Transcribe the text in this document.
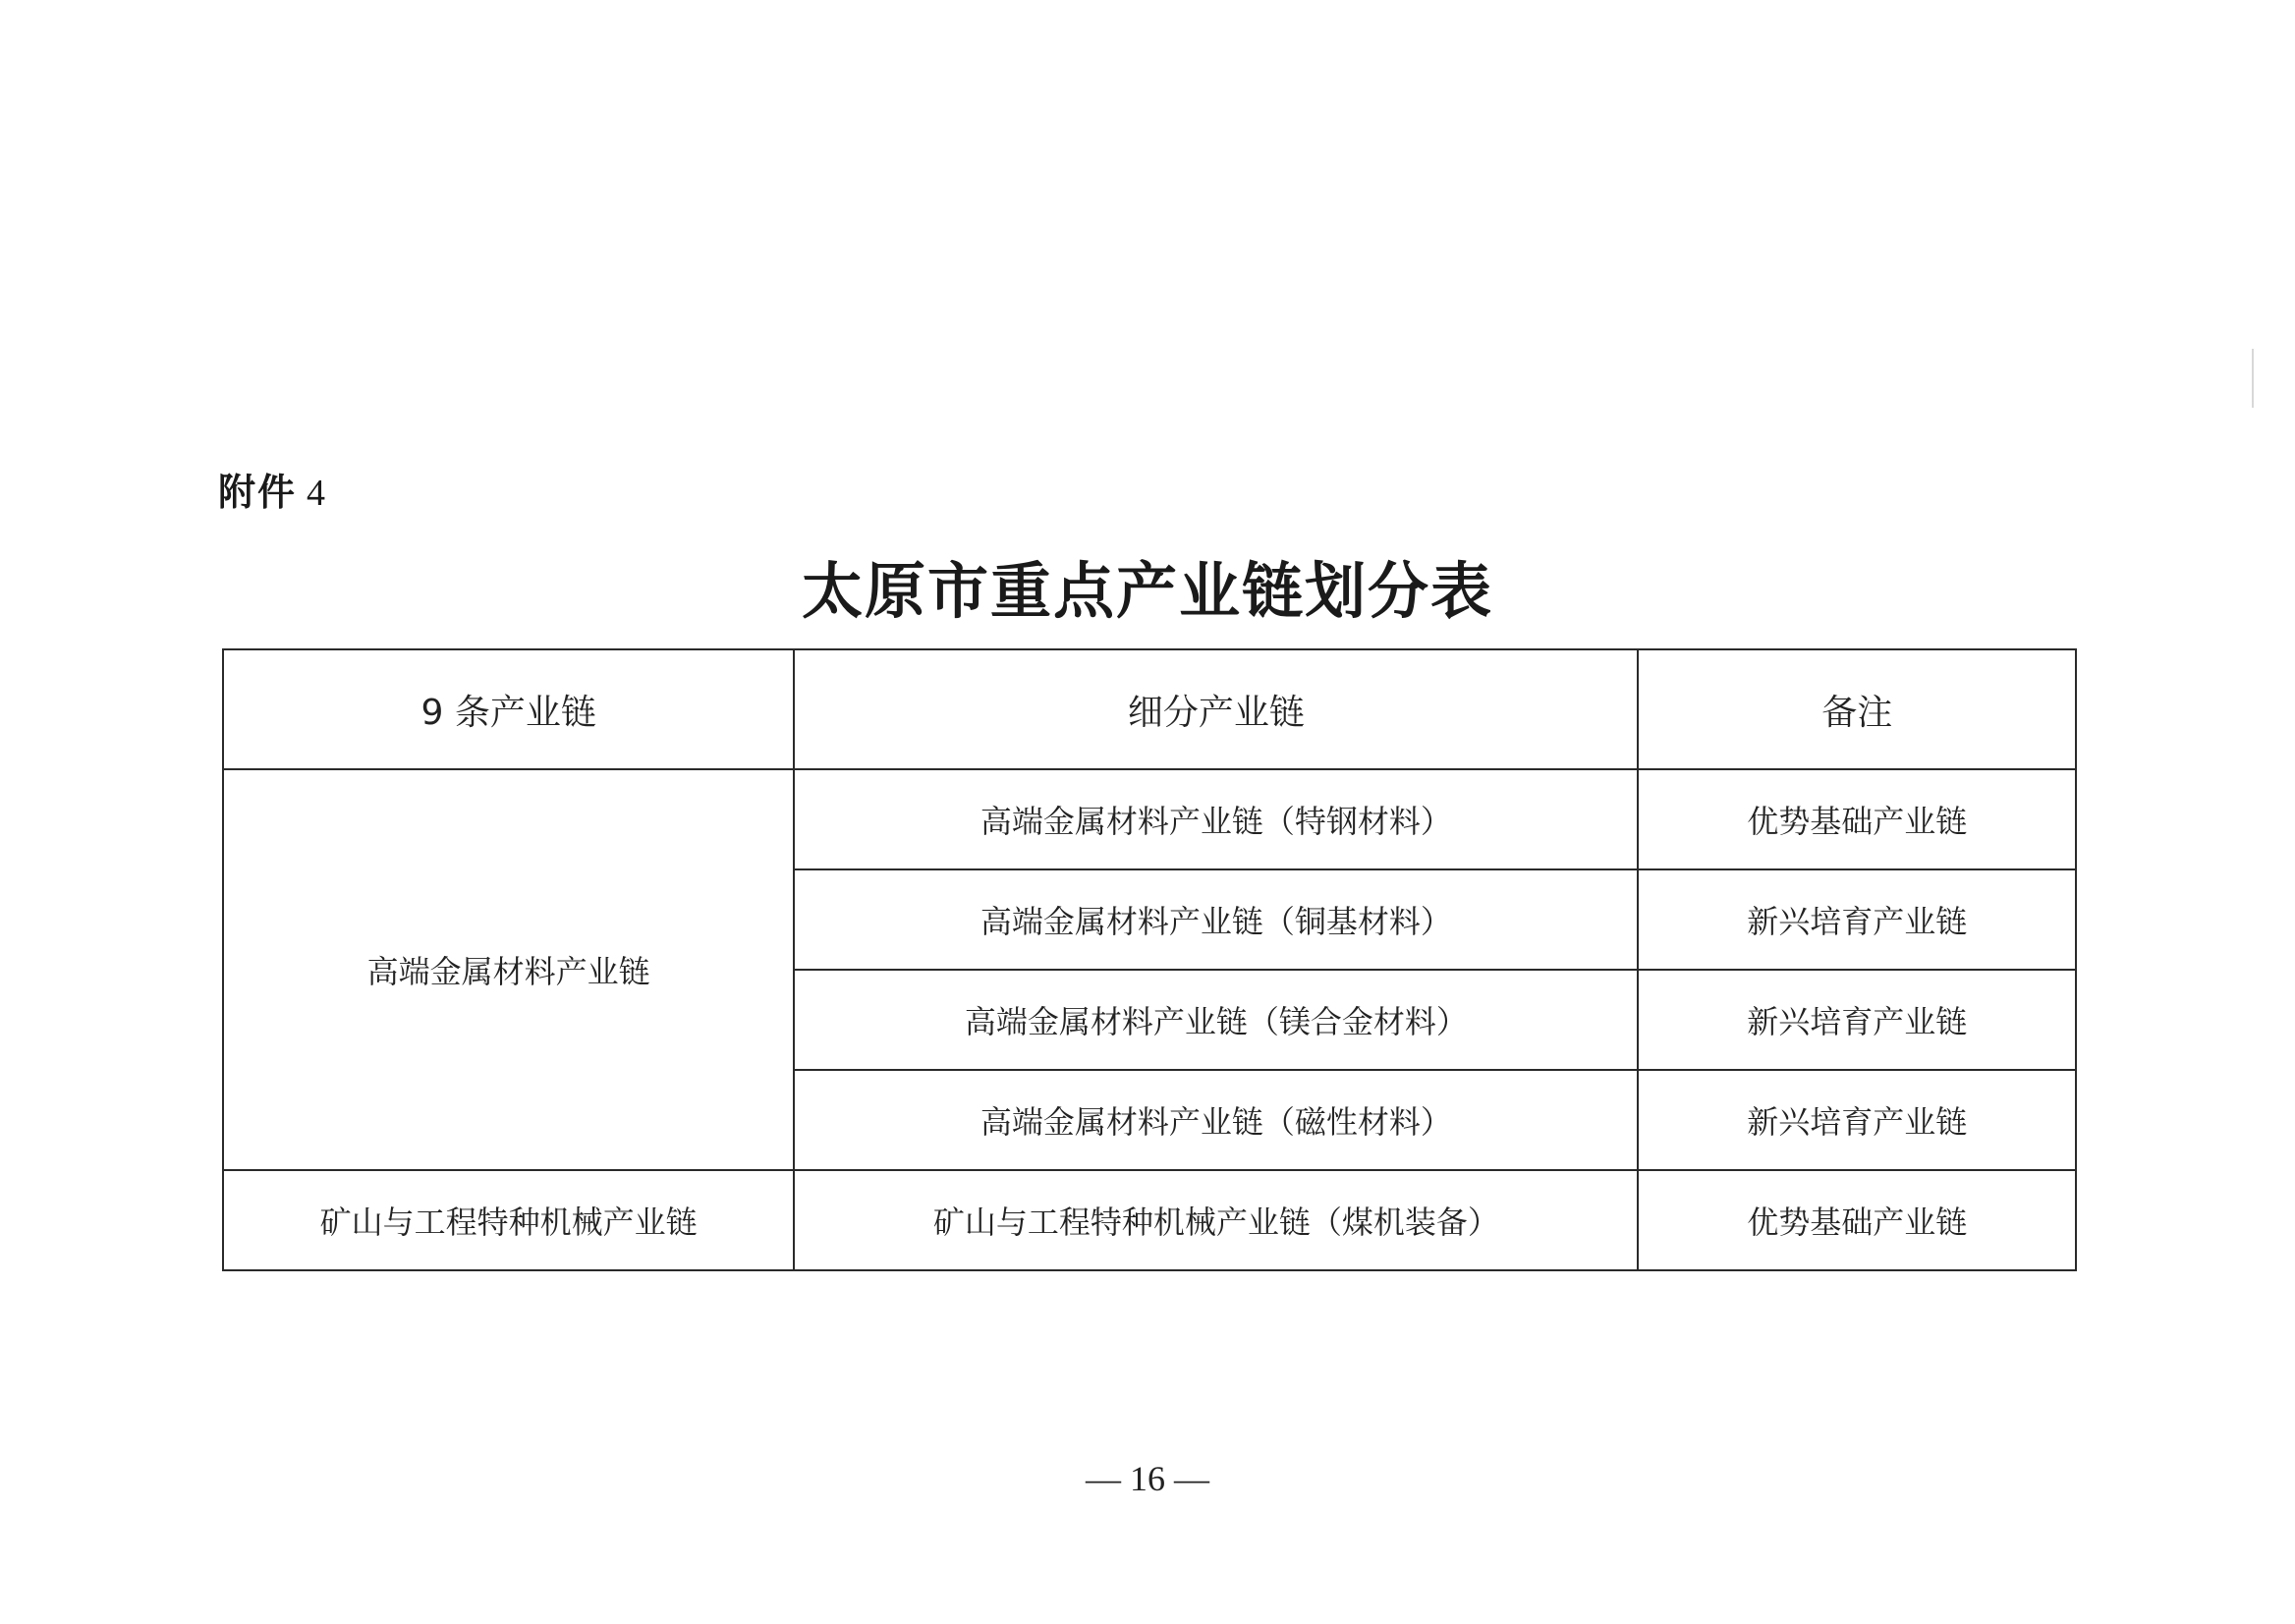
附件 4
太原市重点产业链划分表
9 条产业链	细分产业链	备注
高端金属材料产业链	高端金属材料产业链（特钢材料）	优势基础产业链
	高端金属材料产业链（铜基材料）	新兴培育产业链
	高端金属材料产业链（镁合金材料）	新兴培育产业链
	高端金属材料产业链（磁性材料）	新兴培育产业链
矿山与工程特种机械产业链	矿山与工程特种机械产业链（煤机装备）	优势基础产业链
— 16 —
